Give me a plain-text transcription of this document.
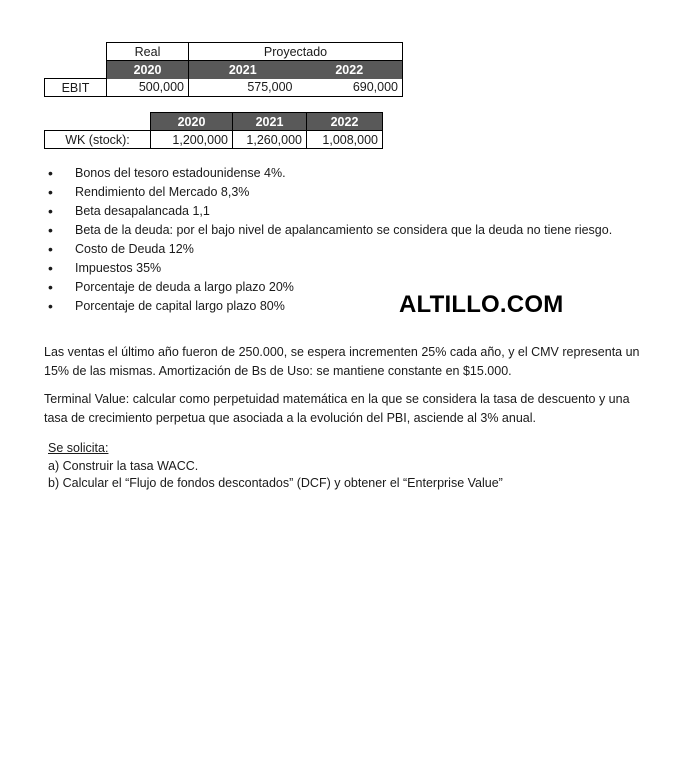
	Real	Proyectado	
	2020	2021	2022
EBIT	500,000	575,000	690,000
	2020	2021	2022
WK (stock):	1,200,000	1,260,000	1,008,000
•	Bonos del tesoro estadounidense 4%.
•	Rendimiento del Mercado 8,3%
•	Beta desapalancada 1,1
•	Beta de la deuda: por el bajo nivel de apalancamiento se considera que la deuda no tiene riesgo.
•	Costo de Deuda 12%
•	Impuestos 35%
•	Porcentaje de deuda a largo plazo 20%
•	Porcentaje de capital largo plazo 80%	ALTILLO.COM

Las ventas el último año fueron de 250.000, se espera incrementen 25% cada año, y el CMV representa un 15% de las mismas. Amortización de Bs de Uso: se mantiene constante en $15.000.

Terminal Value: calcular como perpetuidad matemática en la que se considera la tasa de descuento y una tasa de crecimiento perpetua que asociada a la evolución del PBI, asciende al 3% anual.

Se solicita:
a) Construir la tasa WACC.
b) Calcular el “Flujo de fondos descontados” (DCF) y obtener el “Enterprise Value”
